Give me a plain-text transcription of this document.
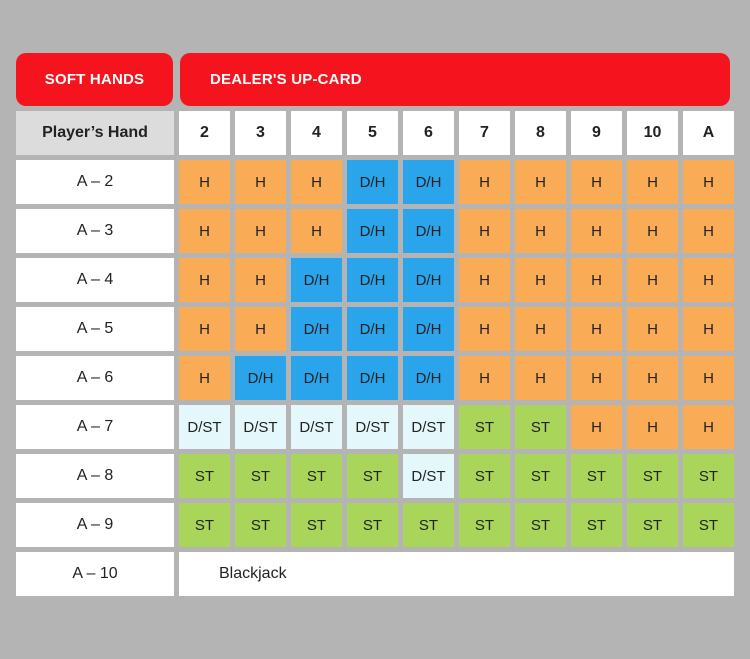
SOFT HANDS	DEALER'S UP-CARD
Player’s Hand	2	3	4	5	6	7	8	9	10	A
A – 2	H	H	H	D/H	D/H	H	H	H	H	H
A – 3	H	H	H	D/H	D/H	H	H	H	H	H
A – 4	H	H	D/H	D/H	D/H	H	H	H	H	H
A – 5	H	H	D/H	D/H	D/H	H	H	H	H	H
A – 6	H	D/H	D/H	D/H	D/H	H	H	H	H	H
A – 7	D/ST	D/ST	D/ST	D/ST	D/ST	ST	ST	H	H	H
A – 8	ST	ST	ST	ST	D/ST	ST	ST	ST	ST	ST
A – 9	ST	ST	ST	ST	ST	ST	ST	ST	ST	ST
A – 10	Blackjack
